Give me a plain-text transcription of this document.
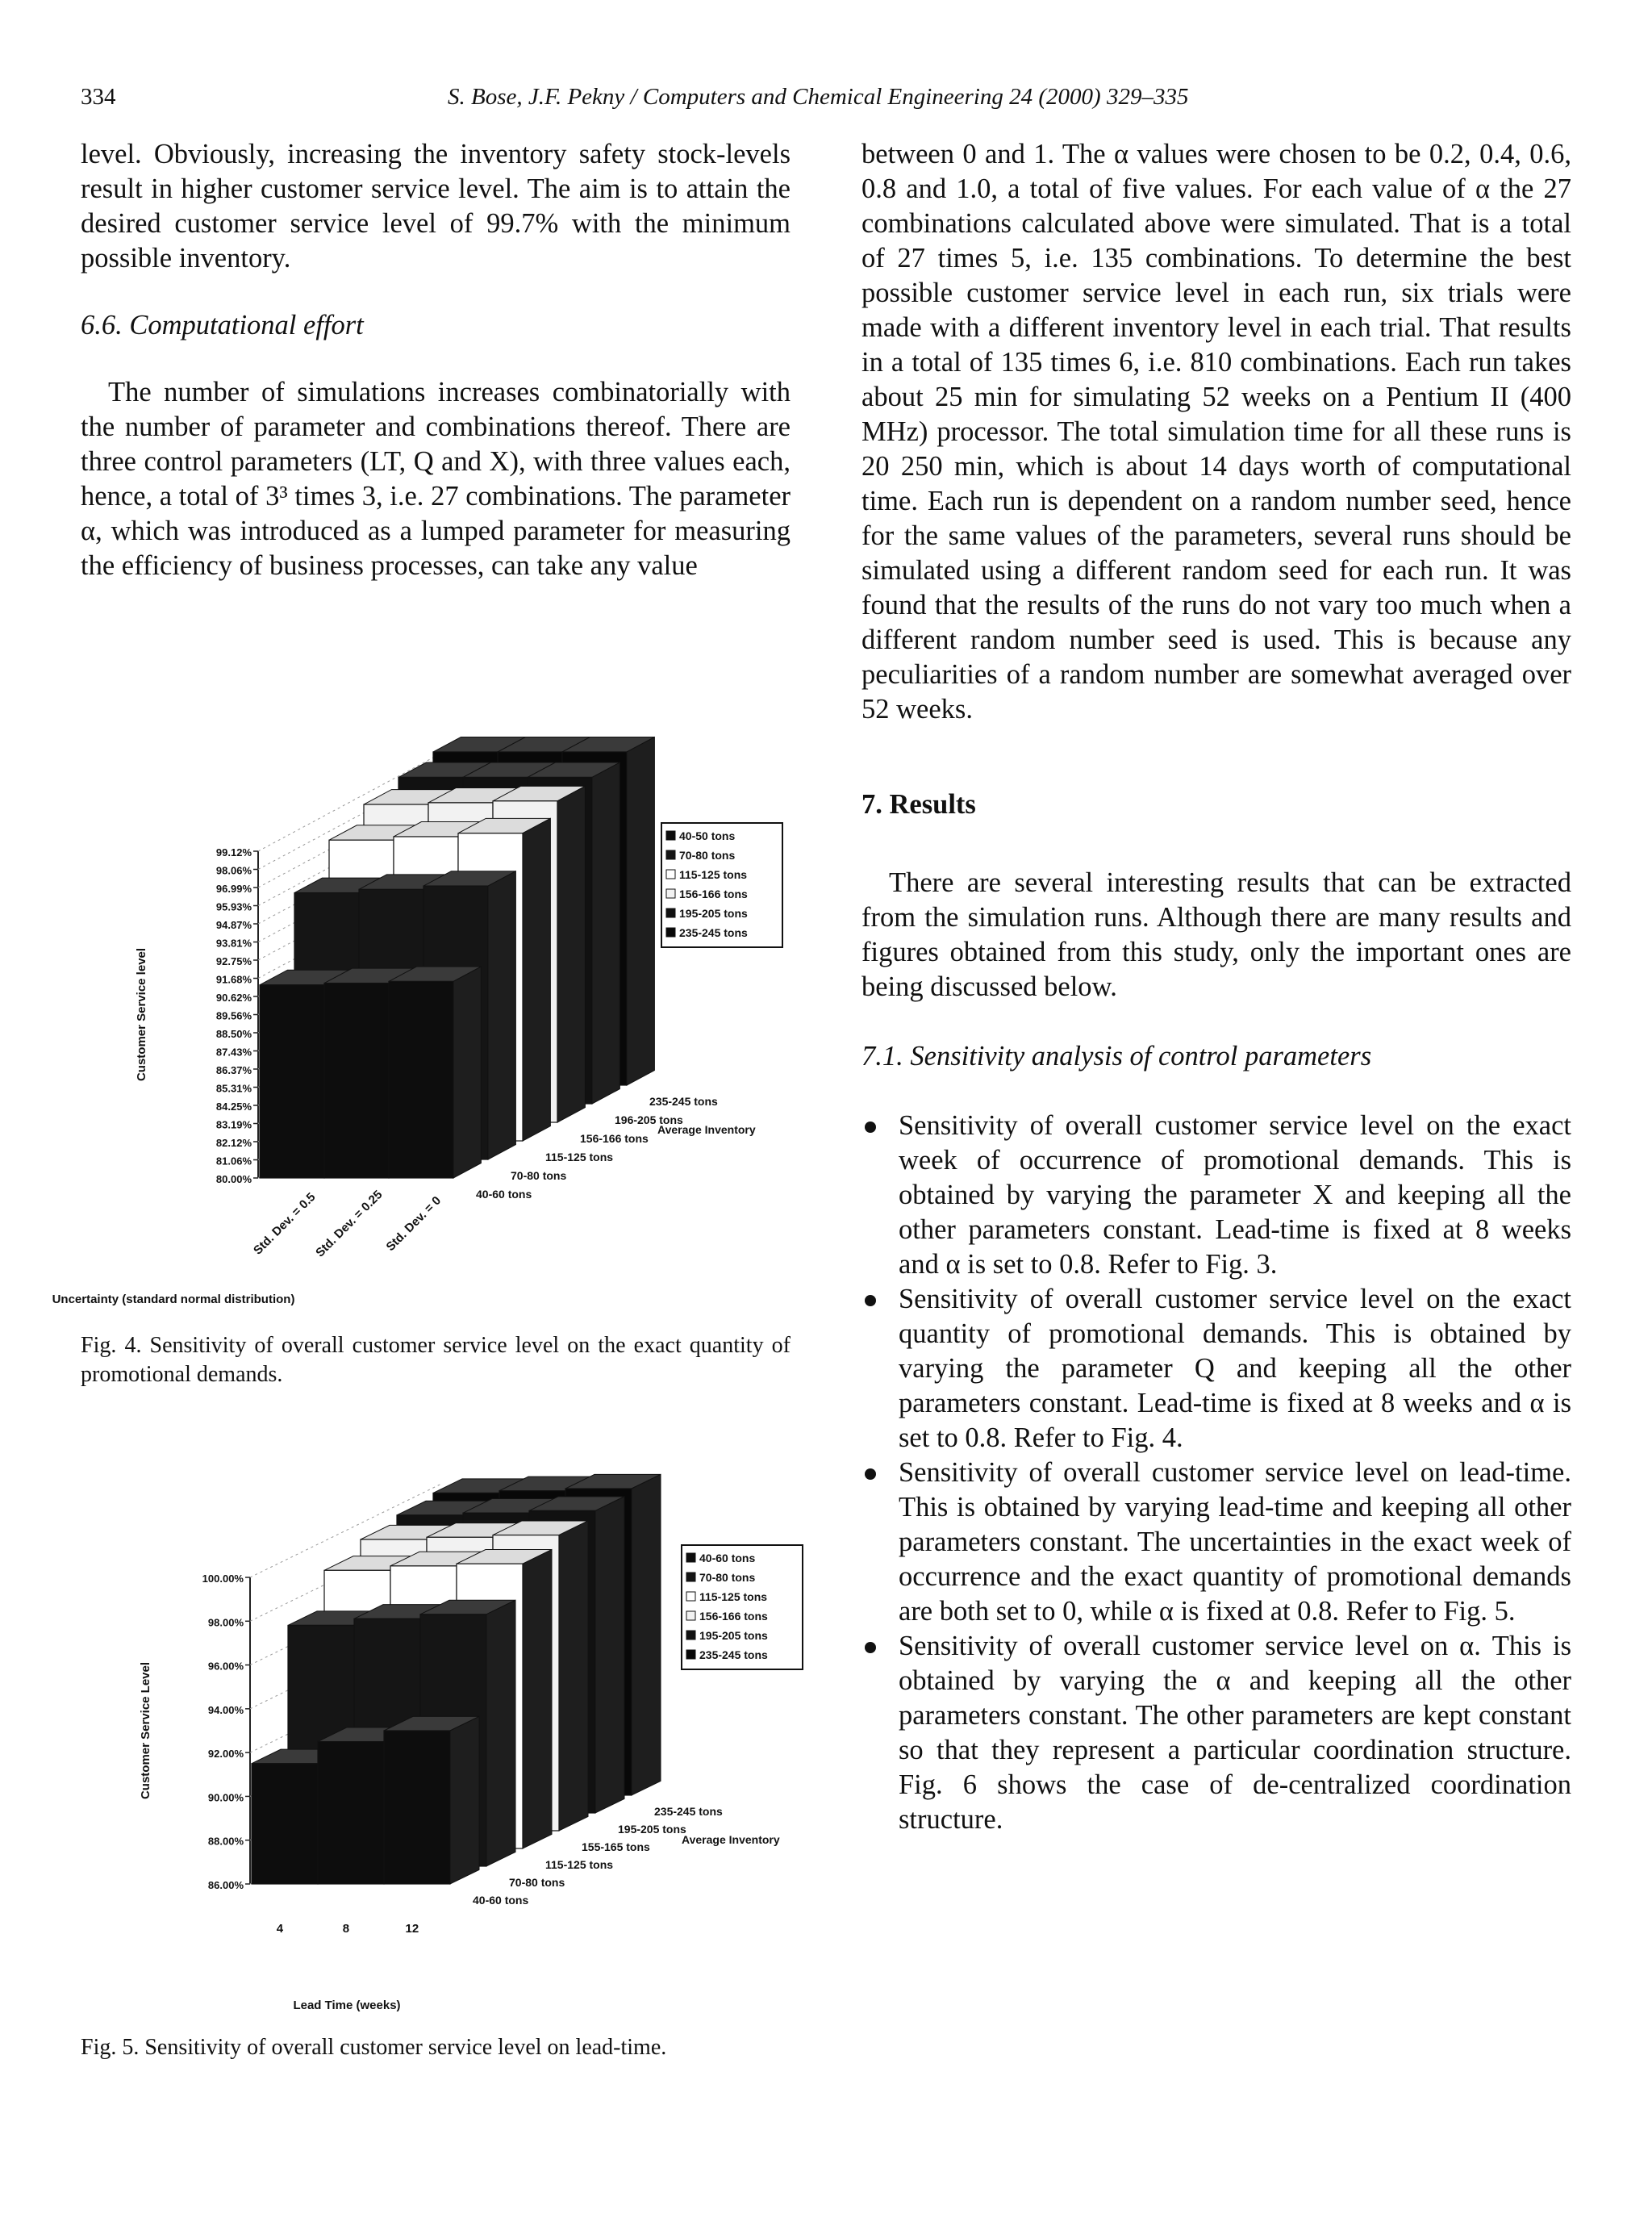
334	S. Bose, J.F. Pekny / Computers and Chemical Engineering 24 (2000) 329–335

level. Obviously, increasing the inventory safety stock-levels result in higher customer service level. The aim is to attain the desired customer service level of 99.7% with the minimum possible inventory.

6.6. Computational effort

The number of simulations increases combinatorially with the number of parameter and combinations thereof. There are three control parameters (LT, Q and X), with three values each, hence, a total of 3³ times 3, i.e. 27 combinations. The parameter α, which was introduced as a lumped parameter for measuring the efficiency of business processes, can take any value

80.00%
81.06%
82.12%
83.19%
84.25%
85.31%
86.37%
87.43%
88.50%
89.56%
90.62%
91.68%
92.75%
93.81%
94.87%
95.93%
96.99%
98.06%
99.12%
Customer Service level
Std. Dev. = 0.5
Std. Dev. = 0.25
Std. Dev. = 0
Uncertainty (standard normal distribution)
40-60 tons
70-80 tons
115-125 tons
156-166 tons
196-205 tons
235-245 tons
Average Inventory
40-50 tons
70-80 tons
115-125 tons
156-166 tons
195-205 tons
235-245 tons

Fig. 4. Sensitivity of overall customer service level on the exact quantity of promotional demands.

86.00%
88.00%
90.00%
92.00%
94.00%
96.00%
98.00%
100.00%
Customer Service Level
4	8	12
Lead Time (weeks)
40-60 tons
70-80 tons
115-125 tons
155-165 tons
195-205 tons
235-245 tons
Average Inventory
40-60 tons
70-80 tons
115-125 tons
156-166 tons
195-205 tons
235-245 tons

Fig. 5. Sensitivity of overall customer service level on lead-time.

between 0 and 1. The α values were chosen to be 0.2, 0.4, 0.6, 0.8 and 1.0, a total of five values. For each value of α the 27 combinations calculated above were simulated. That is a total of 27 times 5, i.e. 135 combinations. To determine the best possible customer service level in each run, six trials were made with a different inventory level in each trial. That results in a total of 135 times 6, i.e. 810 combinations. Each run takes about 25 min for simulating 52 weeks on a Pentium II (400 MHz) processor. The total simulation time for all these runs is 20 250 min, which is about 14 days worth of computational time. Each run is dependent on a random number seed, hence for the same values of the parameters, several runs should be simulated using a different random seed for each run. It was found that the results of the runs do not vary too much when a different random number seed is used. This is because any peculiarities of a random number are somewhat averaged over 52 weeks.

7. Results

There are several interesting results that can be extracted from the simulation runs. Although there are many results and figures obtained from this study, only the important ones are being discussed below.

7.1. Sensitivity analysis of control parameters

Sensitivity of overall customer service level on the exact week of occurrence of promotional demands. This is obtained by varying the parameter X and keeping all the other parameters constant. Lead-time is fixed at 8 weeks and α is set to 0.8. Refer to Fig. 3.
Sensitivity of overall customer service level on the exact quantity of promotional demands. This is obtained by varying the parameter Q and keeping all the other parameters constant. Lead-time is fixed at 8 weeks and α is set to 0.8. Refer to Fig. 4.
Sensitivity of overall customer service level on lead-time. This is obtained by varying lead-time and keeping all other parameters constant. The uncertainties in the exact week of occurrence and the exact quantity of promotional demands are both set to 0, while α is fixed at 0.8. Refer to Fig. 5.
Sensitivity of overall customer service level on α. This is obtained by varying the α and keeping all the other parameters constant. The other parameters are kept constant so that they represent a particular coordination structure. Fig. 6 shows the case of de-centralized coordination structure.
